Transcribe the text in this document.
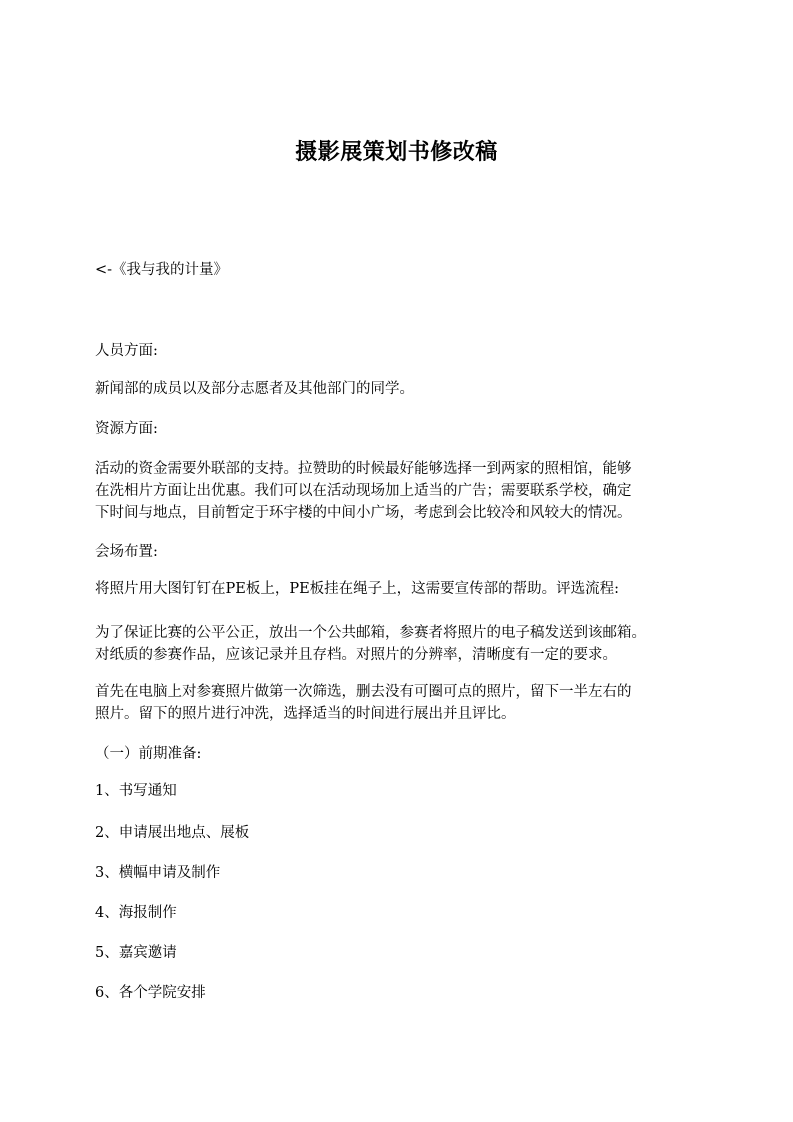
摄影展策划书修改稿
<-《我与我的计量》
人员方面:
新闻部的成员以及部分志愿者及其他部门的同学。
资源方面:
活动的资金需要外联部的支持。拉赞助的时候最好能够选择一到两家的照相馆，能够
在洗相片方面让出优惠。我们可以在活动现场加上适当的广告；需要联系学校，确定
下时间与地点，目前暂定于环宇楼的中间小广场，考虑到会比较冷和风较大的情况。
会场布置:
将照片用大图钉钉在PE板上，PE板挂在绳子上，这需要宣传部的帮助。评选流程:
为了保证比赛的公平公正，放出一个公共邮箱，参赛者将照片的电子稿发送到该邮箱。
对纸质的参赛作品，应该记录并且存档。对照片的分辨率，清晰度有一定的要求。
首先在电脑上对参赛照片做第一次筛选，删去没有可圈可点的照片，留下一半左右的
照片。留下的照片进行冲洗，选择适当的时间进行展出并且评比。
（一）前期准备:
1、书写通知
2、申请展出地点、展板
3、横幅申请及制作
4、海报制作
5、嘉宾邀请
6、各个学院安排
